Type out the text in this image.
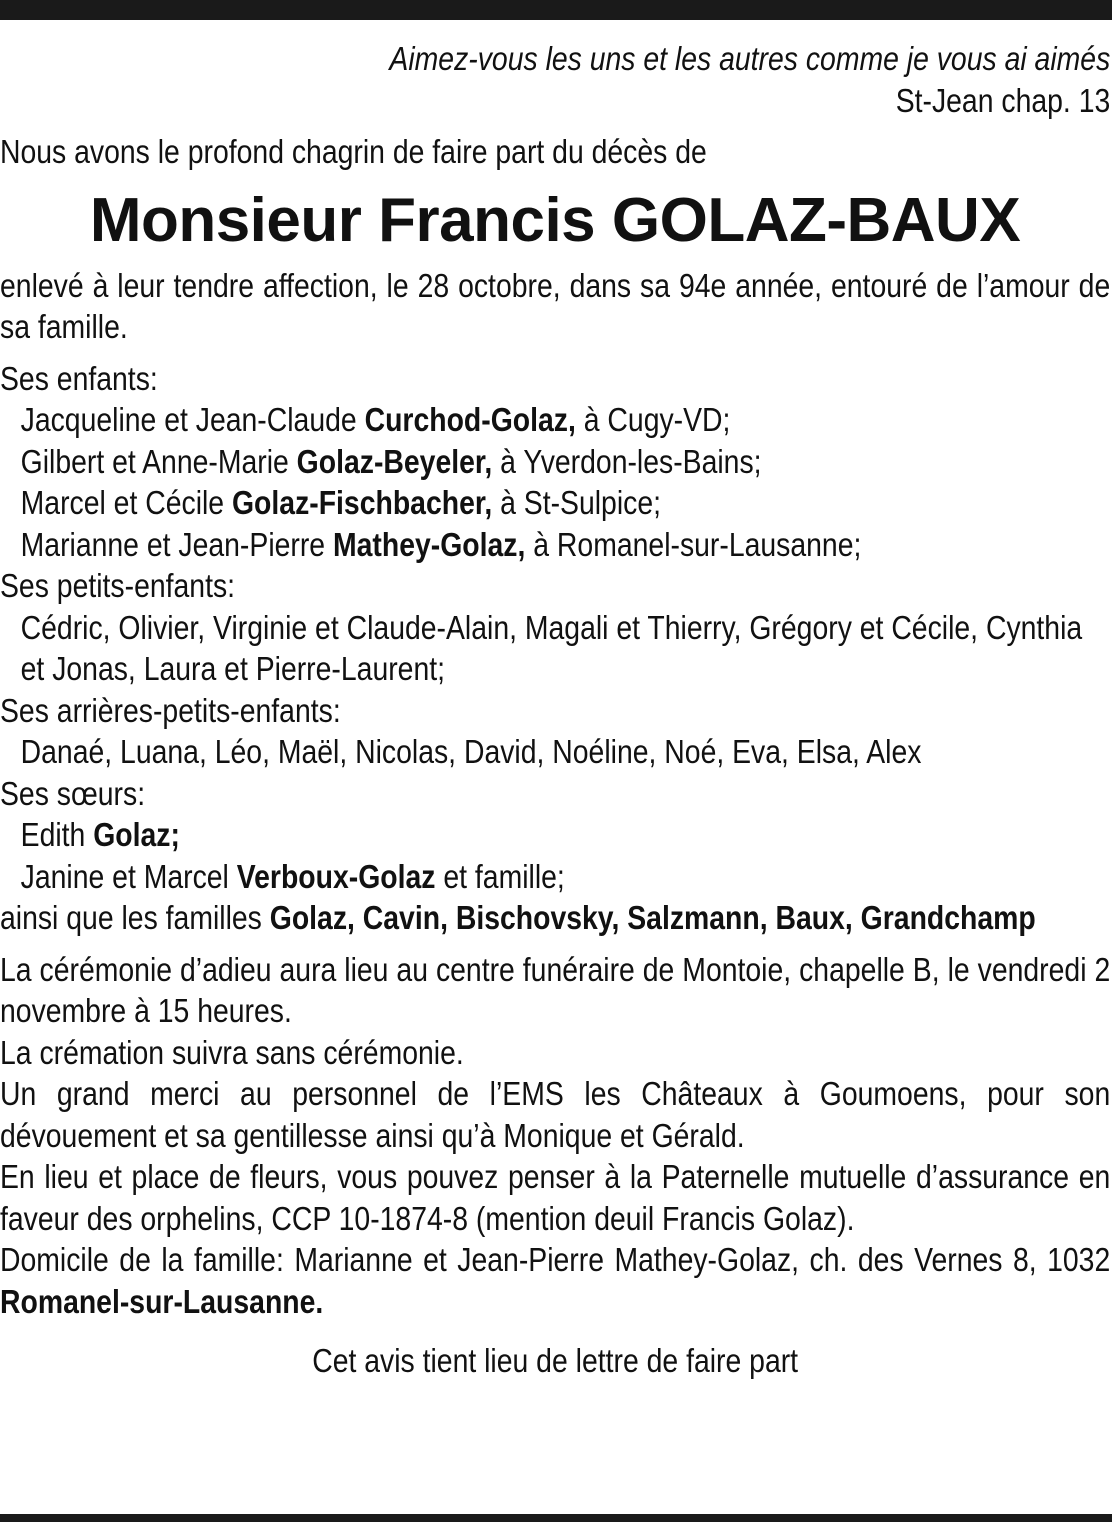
Aimez-vous les uns et les autres comme je vous ai aimés
St-Jean chap. 13
Nous avons le profond chagrin de faire part du décès de
Monsieur Francis GOLAZ-BAUX
enlevé à leur tendre affection, le 28 octobre, dans sa 94e année, entouré de l’amour de sa famille.
Ses enfants:
Jacqueline et Jean-Claude Curchod-Golaz, à Cugy-VD;
Gilbert et Anne-Marie Golaz-Beyeler, à Yverdon-les-Bains;
Marcel et Cécile Golaz-Fischbacher, à St-Sulpice;
Marianne et Jean-Pierre Mathey-Golaz, à Romanel-sur-Lausanne;
Ses petits-enfants:
Cédric, Olivier, Virginie et Claude-Alain, Magali et Thierry, Grégory et Cécile, Cynthia et Jonas, Laura et Pierre-Laurent;
Ses arrières-petits-enfants:
Danaé, Luana, Léo, Maël, Nicolas, David, Noéline, Noé, Eva, Elsa, Alex
Ses sœurs:
Edith Golaz;
Janine et Marcel Verboux-Golaz et famille;
ainsi que les familles Golaz, Cavin, Bischovsky, Salzmann, Baux, Grandchamp
La cérémonie d’adieu aura lieu au centre funéraire de Montoie, chapelle B, le vendredi 2 novembre à 15 heures.
La crémation suivra sans cérémonie.
Un grand merci au personnel de l’EMS les Châteaux à Goumoens, pour son dévouement et sa gentillesse ainsi qu’à Monique et Gérald.
En lieu et place de fleurs, vous pouvez penser à la Paternelle mutuelle d’assurance en faveur des orphelins, CCP 10-1874-8 (mention deuil Francis Golaz).
Domicile de la famille: Marianne et Jean-Pierre Mathey-Golaz, ch. des Vernes 8, 1032 Romanel-sur-Lausanne.
Cet avis tient lieu de lettre de faire part
